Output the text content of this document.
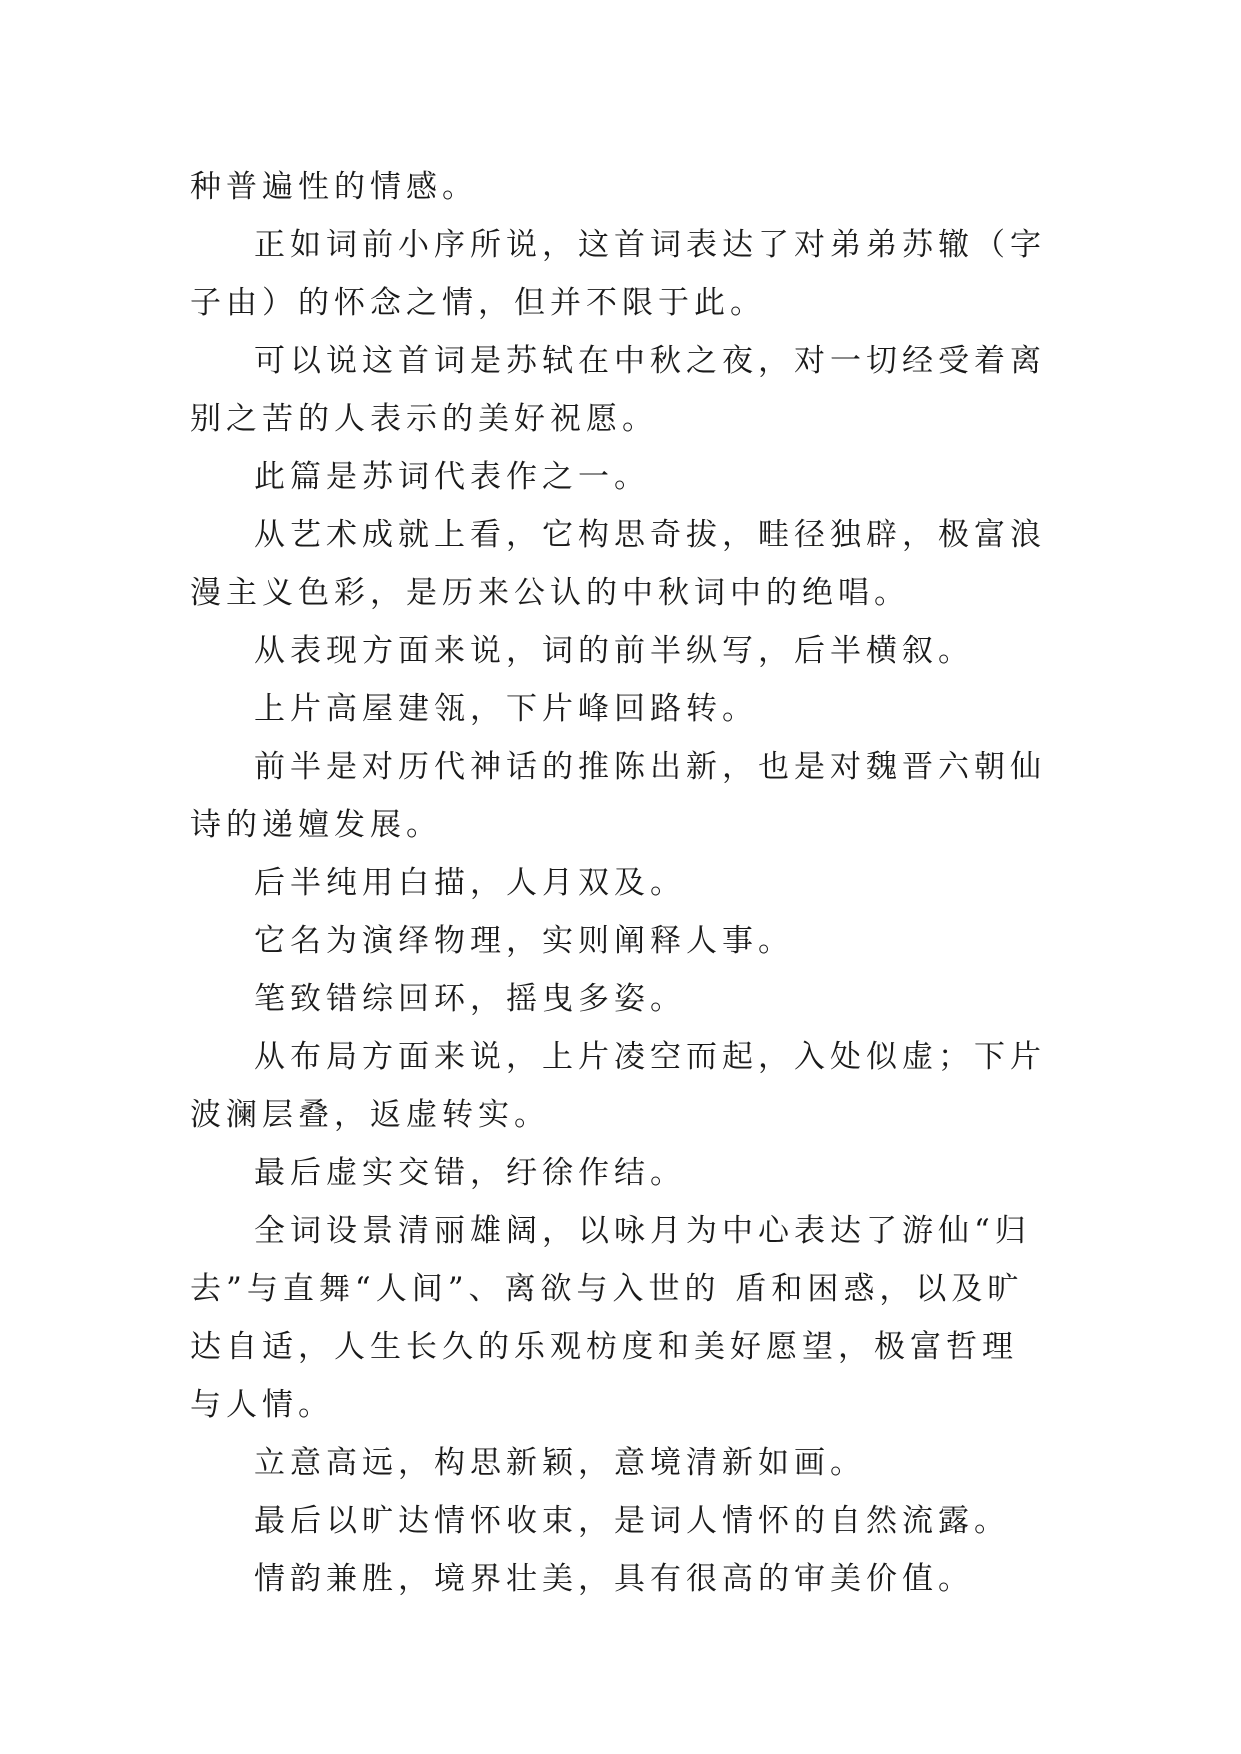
种普遍性的情感。

正如词前小序所说，这首词表达了对弟弟苏辙（字子由）的怀念之情，但并不限于此。

可以说这首词是苏轼在中秋之夜，对一切经受着离别之苦的人表示的美好祝愿。

此篇是苏词代表作之一。

从艺术成就上看，它构思奇拔，畦径独辟，极富浪漫主义色彩，是历来公认的中秋词中的绝唱。

从表现方面来说，词的前半纵写，后半横叙。

上片高屋建瓴，下片峰回路转。

前半是对历代神话的推陈出新，也是对魏晋六朝仙诗的递嬗发展。

后半纯用白描，人月双及。

它名为演绎物理，实则阐释人事。

笔致错综回环，摇曳多姿。

从布局方面来说，上片凌空而起，入处似虚；下片波澜层叠，返虚转实。

最后虚实交错，纡徐作结。

全词设景清丽雄阔，以咏月为中心表达了游仙“归去”与直舞“人间”、离欲与入世的 盾和困惑，以及旷达自适，人生长久的乐观枋度和美好愿望，极富哲理与人情。

立意高远，构思新颖，意境清新如画。

最后以旷达情怀收束，是词人情怀的自然流露。

情韵兼胜，境界壮美，具有很高的审美价值。
